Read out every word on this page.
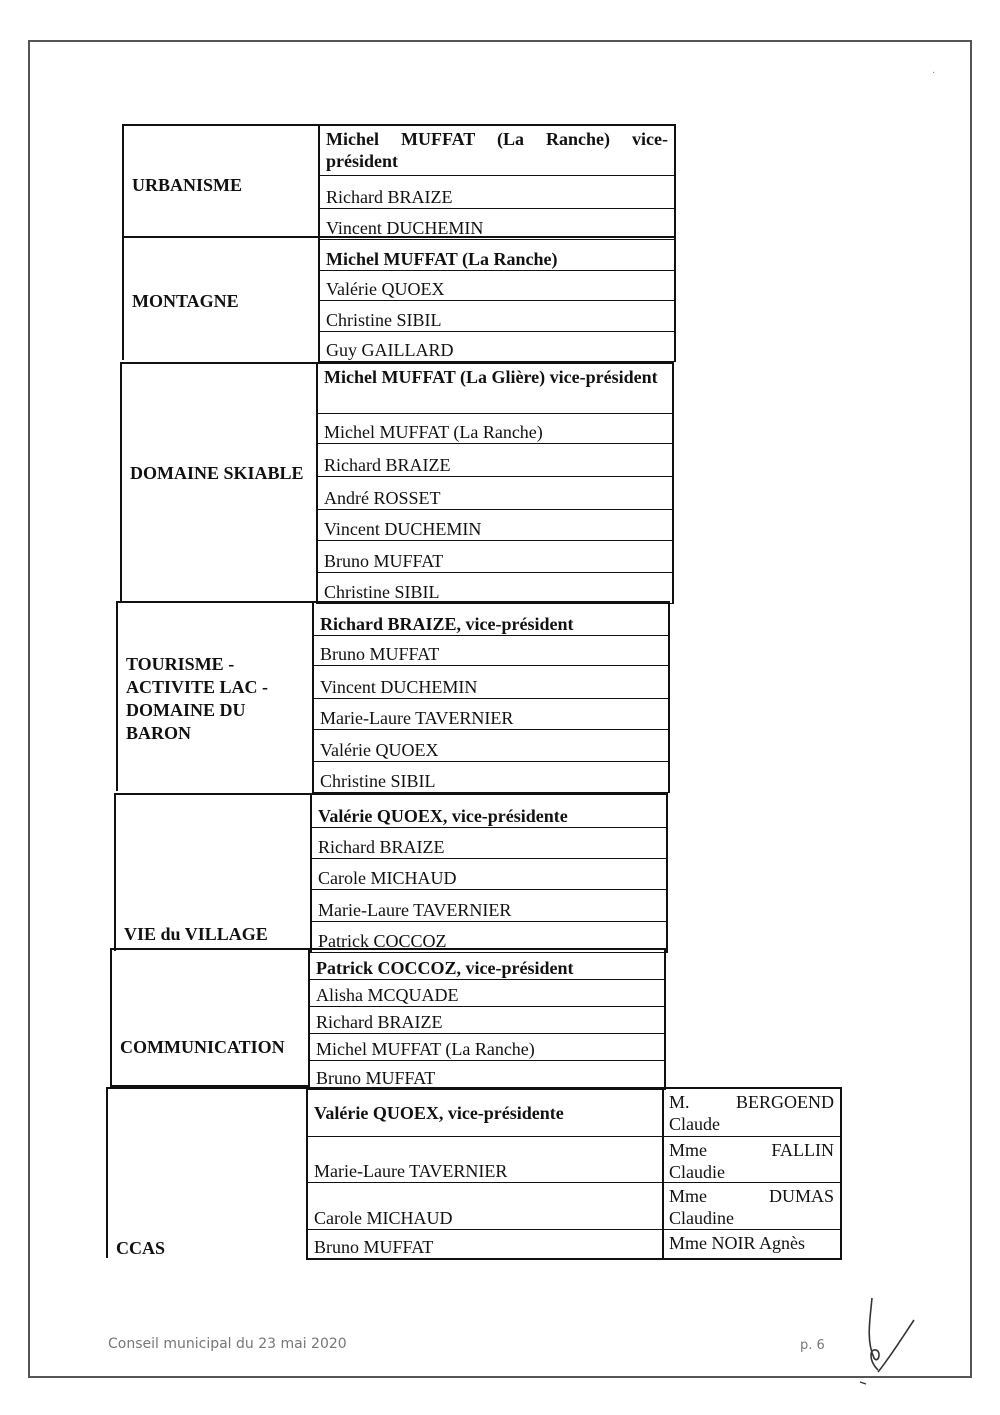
·
URBANISME
Michel MUFFAT (La Ranche) vice-président
Richard BRAIZE
Vincent DUCHEMIN
MONTAGNE
Michel MUFFAT (La Ranche)
Valérie QUOEX
Christine SIBIL
Guy GAILLARD
DOMAINE SKIABLE
Michel MUFFAT (La Glière) vice-président
Michel MUFFAT (La Ranche)
Richard BRAIZE
André ROSSET
Vincent DUCHEMIN
Bruno MUFFAT
Christine SIBIL
TOURISME - ACTIVITE LAC - DOMAINE DU BARON
Richard BRAIZE, vice-président
Bruno MUFFAT
Vincent DUCHEMIN
Marie-Laure TAVERNIER
Valérie QUOEX
Christine SIBIL
VIE du VILLAGE
Valérie QUOEX, vice-présidente
Richard BRAIZE
Carole MICHAUD
Marie-Laure TAVERNIER
Patrick COCCOZ
COMMUNICATION
Patrick COCCOZ, vice-président
Alisha MCQUADE
Richard BRAIZE
Michel MUFFAT (La Ranche)
Bruno MUFFAT
CCAS
Valérie QUOEX, vice-présidente
Marie-Laure TAVERNIER
Carole MICHAUD
Bruno MUFFAT
M. BERGOEND Claude
Mme FALLIN Claudie
Mme DUMAS Claudine
Mme NOIR Agnès
Conseil municipal du 23 mai 2020	p. 6
